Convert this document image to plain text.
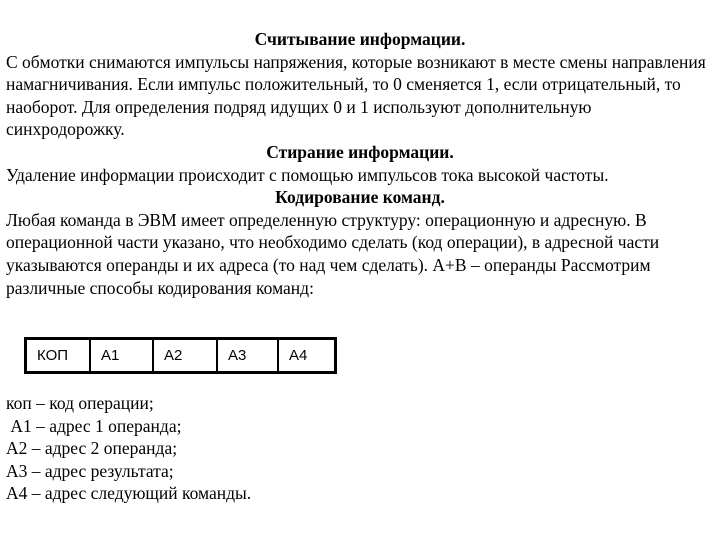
Считывание информации.

С обмотки снимаются импульсы напряжения, которые возникают в месте смены направления намагничивания. Если импульс положительный, то 0 сменяется 1, если отрицательный, то наоборот. Для определения подряд идущих 0 и 1 используют дополнительную синхродорожку.

Стирание информации.

Удаление информации происходит с помощью импульсов тока высокой частоты.

Кодирование команд.

Любая команда в ЭВМ имеет определенную структуру: операционную и адресную. В операционной части указано, что необходимо сделать (код операции), в адресной части указываются операнды и их адреса (то над чем сделать). A+B – операнды Рассмотрим различные способы кодирования команд:

КОП	A1	A2	A3	A4

коп – код операции;

А1 – адрес 1 операнда;

А2 – адрес 2 операнда;

А3 – адрес результата;

А4 – адрес следующий команды.
